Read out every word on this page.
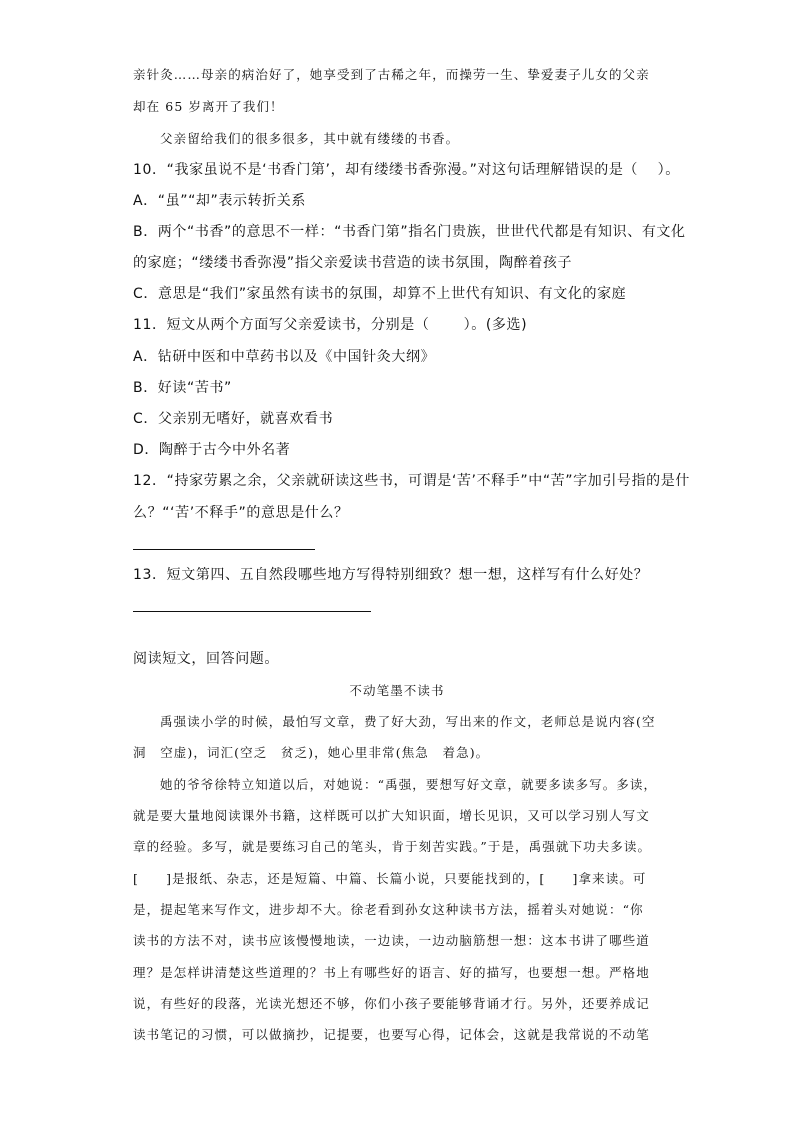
亲针灸……母亲的病治好了，她享受到了古稀之年，而操劳一生、挚爱妻子儿女的父亲
却在 65 岁离开了我们！
父亲留给我们的很多很多，其中就有缕缕的书香。
10．“我家虽说不是‘书香门第’，却有缕缕书香弥漫。”对这句话理解错误的是（　 ）。
A．“虽”“却”表示转折关系
B．两个“书香”的意思不一样：“书香门第”指名门贵族，世世代代都是有知识、有文化
的家庭；“缕缕书香弥漫”指父亲爱读书营造的读书氛围，陶醉着孩子
C．意思是“我们”家虽然有读书的氛围，却算不上世代有知识、有文化的家庭
11．短文从两个方面写父亲爱读书，分别是（　　 ）。(多选)
A．钻研中医和中草药书以及《中国针灸大纲》
B．好读“苦书”
C．父亲别无嗜好，就喜欢看书
D．陶醉于古今中外名著
12．“持家劳累之余，父亲就研读这些书，可谓是‘苦’不释手”中“苦”字加引号指的是什
么？“‘苦’不释手”的意思是什么？
13．短文第四、五自然段哪些地方写得特别细致？想一想，这样写有什么好处？
阅读短文，回答问题。
不动笔墨不读书
禹强读小学的时候，最怕写文章，费了好大劲，写出来的作文，老师总是说内容(空
洞　空虚)，词汇(空乏　贫乏)，她心里非常(焦急　着急)。
她的爷爷徐特立知道以后，对她说：“禹强，要想写好文章，就要多读多写。多读，
就是要大量地阅读课外书籍，这样既可以扩大知识面，增长见识，又可以学习别人写文
章的经验。多写，就是要练习自己的笔头，肯于刻苦实践。”于是，禹强就下功夫多读。
[　　]是报纸、杂志，还是短篇、中篇、长篇小说，只要能找到的，[　　]拿来读。可
是，提起笔来写作文，进步却不大。徐老看到孙女这种读书方法，摇着头对她说：“你
读书的方法不对，读书应该慢慢地读，一边读，一边动脑筋想一想：这本书讲了哪些道
理？是怎样讲清楚这些道理的？书上有哪些好的语言、好的描写，也要想一想。严格地
说，有些好的段落，光读光想还不够，你们小孩子要能够背诵才行。另外，还要养成记
读书笔记的习惯，可以做摘抄，记提要，也要写心得，记体会，这就是我常说的不动笔
